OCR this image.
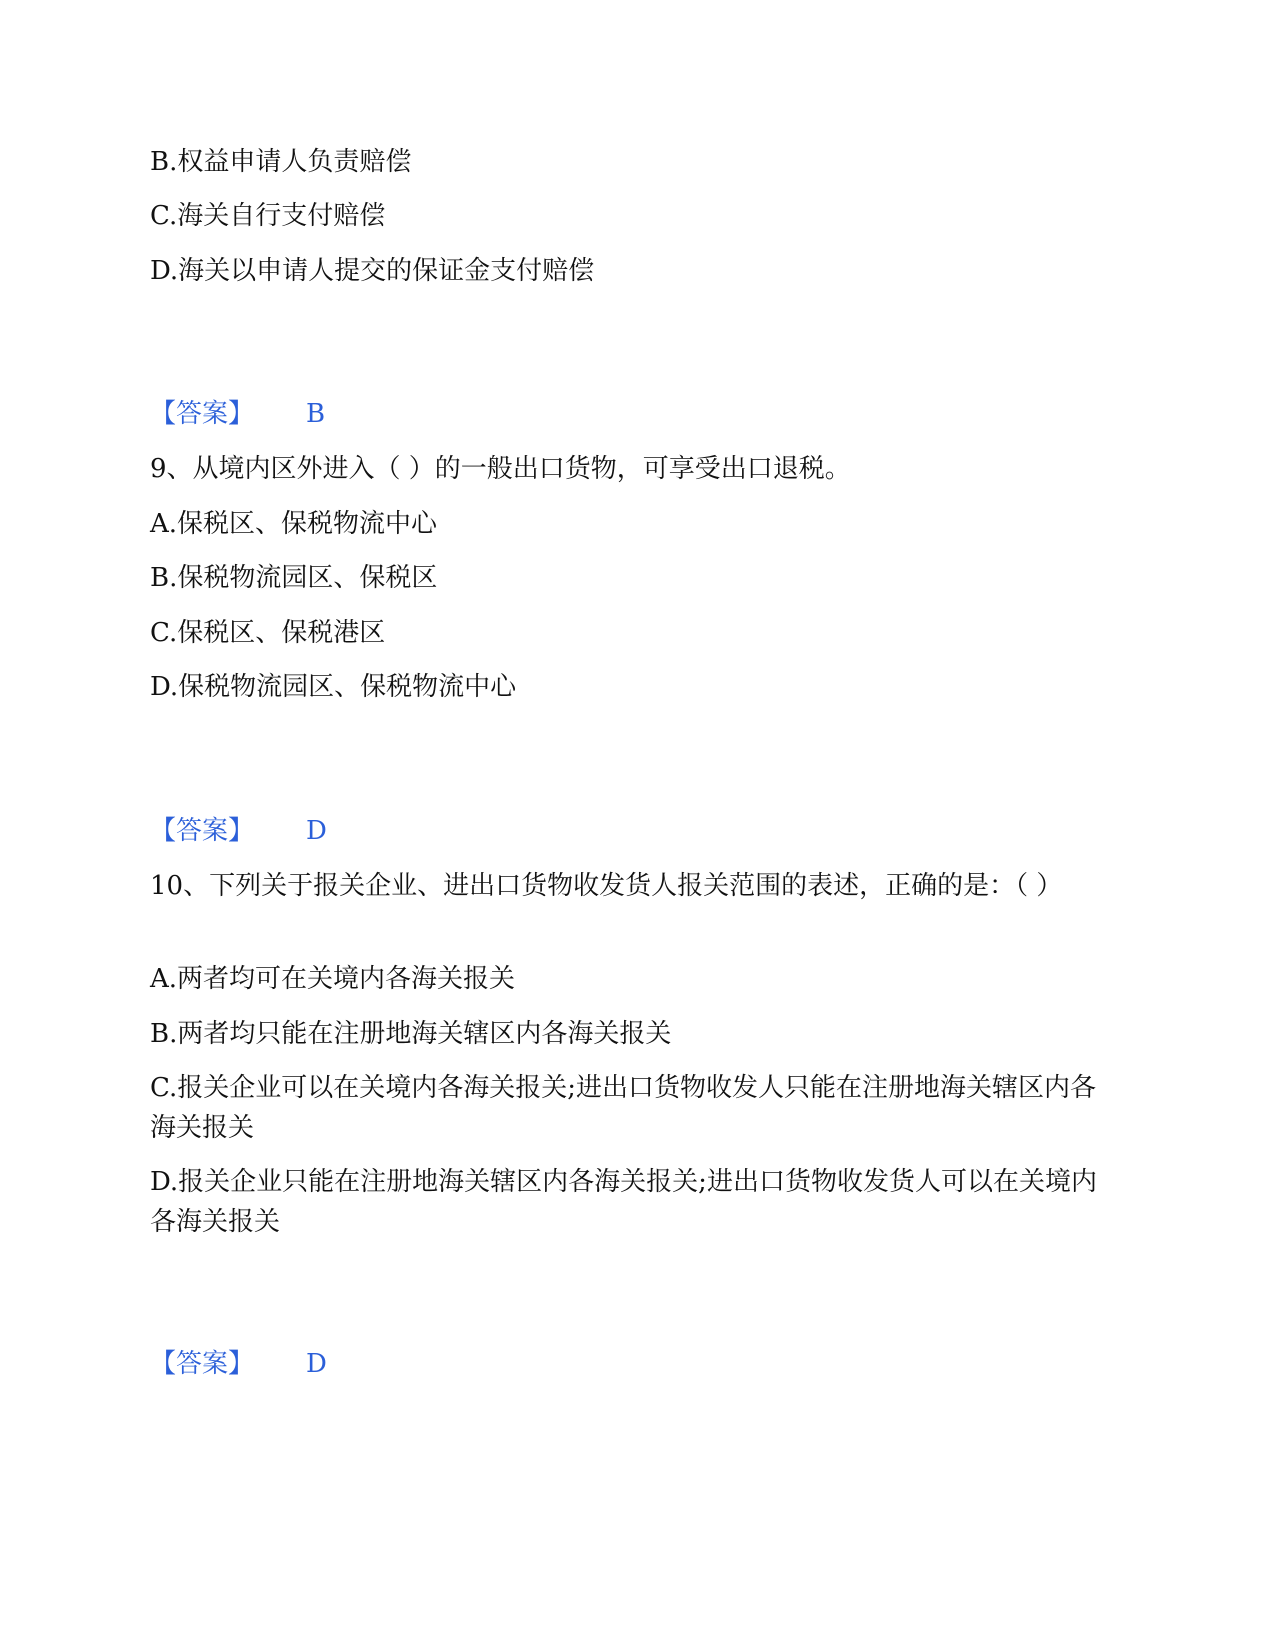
B.权益申请人负责赔偿
C.海关自行支付赔偿
D.海关以申请人提交的保证金支付赔偿
【答案】 B
9、从境内区外进入（ ）的一般出口货物，可享受出口退税。
A.保税区、保税物流中心
B.保税物流园区、保税区
C.保税区、保税港区
D.保税物流园区、保税物流中心
【答案】 D
10、下列关于报关企业、进出口货物收发货人报关范围的表述，正确的是：（ ）
A.两者均可在关境内各海关报关
B.两者均只能在注册地海关辖区内各海关报关
C.报关企业可以在关境内各海关报关;进出口货物收发人只能在注册地海关辖区内各海关报关
D.报关企业只能在注册地海关辖区内各海关报关;进出口货物收发货人可以在关境内各海关报关
【答案】 D
